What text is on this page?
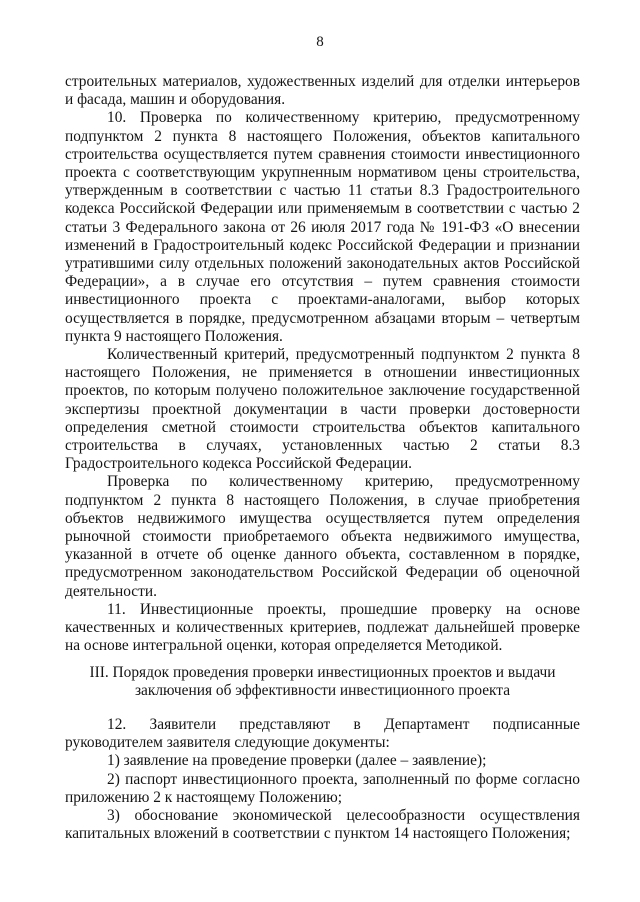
8

строительных материалов, художественных изделий для отделки интерьеров и фасада, машин и оборудования.

10. Проверка по количественному критерию, предусмотренному подпунктом 2 пункта 8 настоящего Положения, объектов капитального строительства осуществляется путем сравнения стоимости инвестиционного проекта с соответствующим укрупненным нормативом цены строительства, утвержденным в соответствии с частью 11 статьи 8.3 Градостроительного кодекса Российской Федерации или применяемым в соответствии с частью 2 статьи 3 Федерального закона от 26 июля 2017 года № 191-ФЗ «О внесении изменений в Градостроительный кодекс Российской Федерации и признании утратившими силу отдельных положений законодательных актов Российской Федерации», а в случае его отсутствия – путем сравнения стоимости инвестиционного проекта с проектами-аналогами, выбор которых осуществляется в порядке, предусмотренном абзацами вторым – четвертым пункта 9 настоящего Положения.

Количественный критерий, предусмотренный подпунктом 2 пункта 8 настоящего Положения, не применяется в отношении инвестиционных проектов, по которым получено положительное заключение государственной экспертизы проектной документации в части проверки достоверности определения сметной стоимости строительства объектов капитального строительства в случаях, установленных частью 2 статьи 8.3 Градостроительного кодекса Российской Федерации.

Проверка по количественному критерию, предусмотренному подпунктом 2 пункта 8 настоящего Положения, в случае приобретения объектов недвижимого имущества осуществляется путем определения рыночной стоимости приобретаемого объекта недвижимого имущества, указанной в отчете об оценке данного объекта, составленном в порядке, предусмотренном законодательством Российской Федерации об оценочной деятельности.

11. Инвестиционные проекты, прошедшие проверку на основе качественных и количественных критериев, подлежат дальнейшей проверке на основе интегральной оценки, которая определяется Методикой.

III. Порядок проведения проверки инвестиционных проектов и выдачи

заключения об эффективности инвестиционного проекта

12. Заявители представляют в Департамент подписанные руководителем заявителя следующие документы:

1) заявление на проведение проверки (далее – заявление);

2) паспорт инвестиционного проекта, заполненный по форме согласно приложению 2 к настоящему Положению;

3) обоснование экономической целесообразности осуществления капитальных вложений в соответствии с пунктом 14 настоящего Положения;
